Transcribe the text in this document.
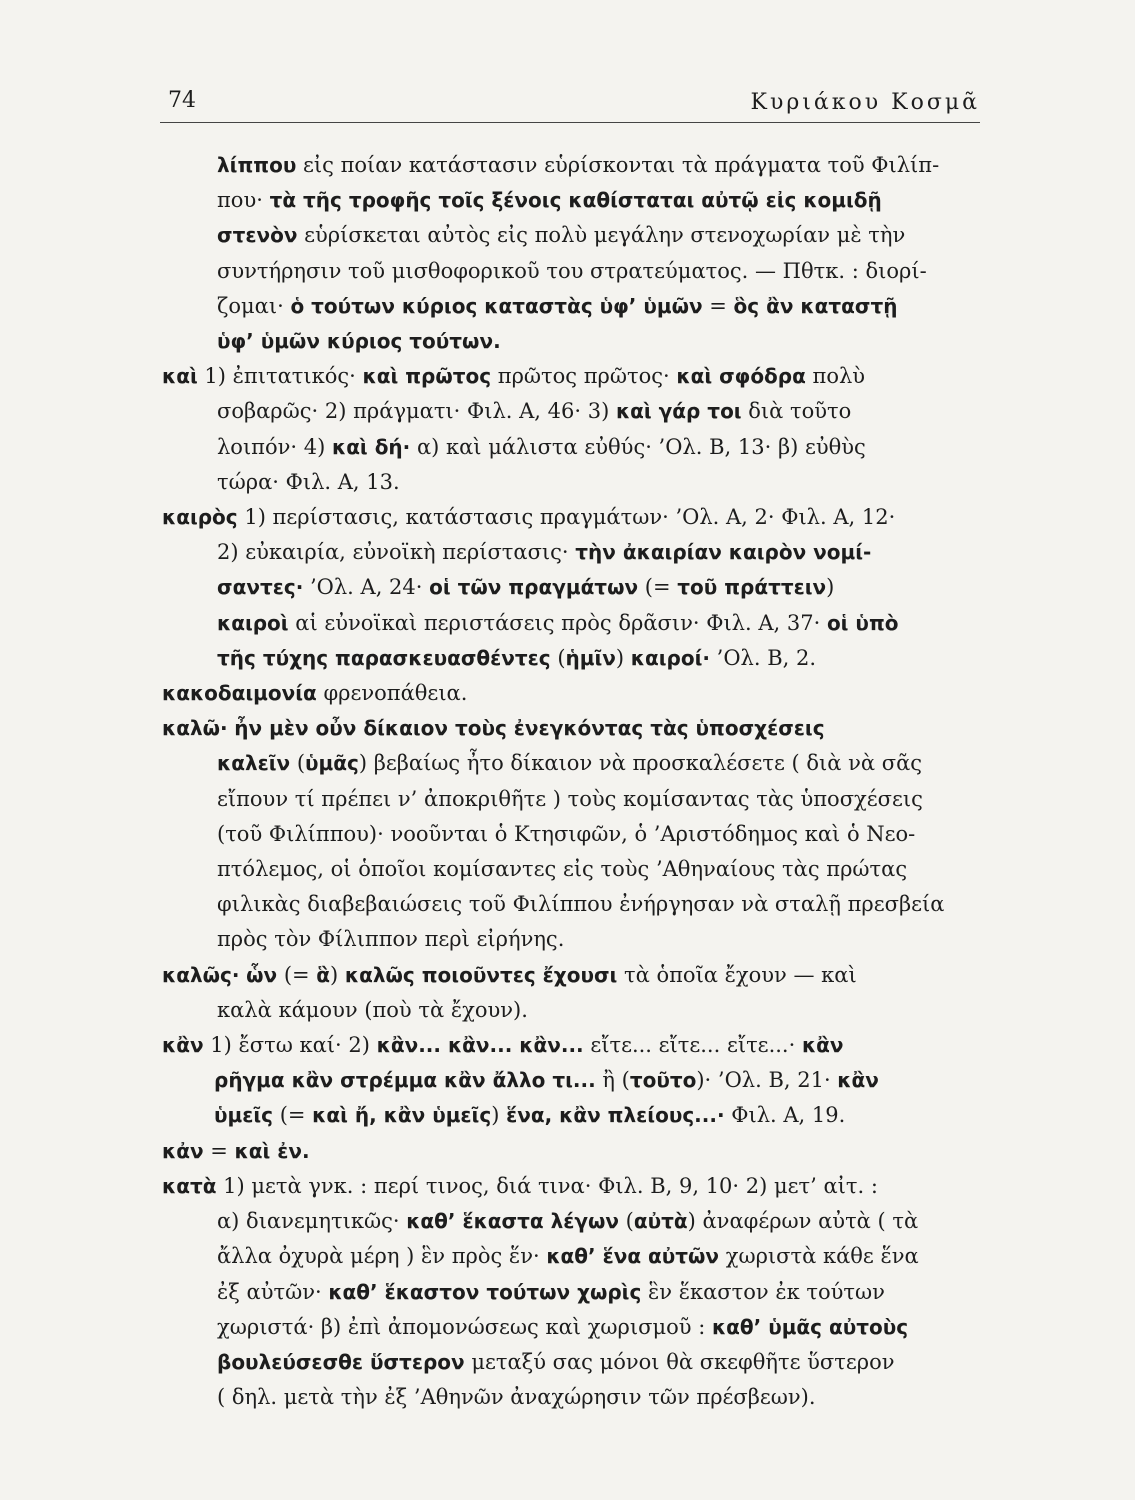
74	Κυριάκου Κοσμᾶ
λίππου εἰς ποίαν κατάστασιν εὑρίσκονται τὰ πράγματα τοῦ Φιλίπ-
που· τὰ τῆς τροφῆς τοῖς ξένοις καθίσταται αὐτῷ εἰς κομιδῇ
στενὸν εὑρίσκεται αὐτὸς εἰς πολὺ μεγάλην στενοχωρίαν μὲ τὴν
συντήρησιν τοῦ μισθοφορικοῦ του στρατεύματος. — Πθτκ. : διορί-
ζομαι· ὁ τούτων κύριος καταστὰς ὑφ’ ὑμῶν = ὃς ἂν καταστῇ
ὑφ’ ὑμῶν κύριος τούτων.
καὶ 1) ἐπιτατικός· καὶ πρῶτος πρῶτος πρῶτος· καὶ σφόδρα πολὺ
σοβαρῶς· 2) πράγματι· Φιλ. Α, 46· 3) καὶ γάρ τοι διὰ τοῦτο
λοιπόν· 4) καὶ δή· α) καὶ μάλιστα εὐθύς· ’Ολ. Β, 13· β) εὐθὺς
τώρα· Φιλ. Α, 13.
καιρὸς 1) περίστασις, κατάστασις πραγμάτων· ’Ολ. Α, 2· Φιλ. Α, 12·
2) εὐκαιρία, εὐνοϊκὴ περίστασις· τὴν ἀκαιρίαν καιρὸν νομί-
σαντες· ’Ολ. Α, 24· οἱ τῶν πραγμάτων (= τοῦ πράττειν)
καιροὶ αἱ εὐνοϊκαὶ περιστάσεις πρὸς δρᾶσιν· Φιλ. Α, 37· οἱ ὑπὸ
τῆς τύχης παρασκευασθέντες (ἡμῖν) καιροί· ’Ολ. Β, 2.
κακοδαιμονία φρενοπάθεια.
καλῶ· ἦν μὲν οὖν δίκαιον τοὺς ἐνεγκόντας τὰς ὑποσχέσεις
καλεῖν (ὑμᾶς) βεβαίως ἦτο δίκαιον νὰ προσκαλέσετε ( διὰ νὰ σᾶς
εἴπουν τί πρέπει ν’ ἀποκριθῆτε ) τοὺς κομίσαντας τὰς ὑποσχέσεις
(τοῦ Φιλίππου)· νοοῦνται ὁ Κτησιφῶν, ὁ ’Αριστόδημος καὶ ὁ Νεο-
πτόλεμος, οἱ ὁποῖοι κομίσαντες εἰς τοὺς ’Αθηναίους τὰς πρώτας
φιλικὰς διαβεβαιώσεις τοῦ Φιλίππου ἐνήργησαν νὰ σταλῇ πρεσβεία
πρὸς τὸν Φίλιππον περὶ εἰρήνης.
καλῶς· ὧν (= ἃ) καλῶς ποιοῦντες ἔχουσι τὰ ὁποῖα ἔχουν — καὶ
καλὰ κάμουν (ποὺ τὰ ἔχουν).
κἂν 1) ἔστω καί· 2) κἂν... κἂν... κἂν... εἴτε... εἴτε... εἴτε...· κἂν
ρῆγμα κἂν στρέμμα κἂν ἄλλο τι... ἢ (τοῦτο)· ’Ολ. Β, 21· κἂν
ὑμεῖς (= καὶ ἤ, κἂν ὑμεῖς) ἕνα, κἂν πλείους...· Φιλ. Α, 19.
κἀν = καὶ ἐν.
κατὰ 1) μετὰ γνκ. : περί τινος, διά τινα· Φιλ. Β, 9, 10· 2) μετ’ αἰτ. :
α) διανεμητικῶς· καθ’ ἕκαστα λέγων (αὐτὰ) ἀναφέρων αὐτὰ ( τὰ
ἄλλα ὀχυρὰ μέρη ) ἓν πρὸς ἕν· καθ’ ἕνα αὐτῶν χωριστὰ κάθε ἕνα
ἐξ αὐτῶν· καθ’ ἕκαστον τούτων χωρὶς ἓν ἕκαστον ἐκ τούτων
χωριστά· β) ἐπὶ ἀπομονώσεως καὶ χωρισμοῦ : καθ’ ὑμᾶς αὐτοὺς
βουλεύσεσθε ὕστερον μεταξύ σας μόνοι θὰ σκεφθῆτε ὕστερον
( δηλ. μετὰ τὴν ἐξ ’Αθηνῶν ἀναχώρησιν τῶν πρέσβεων).
